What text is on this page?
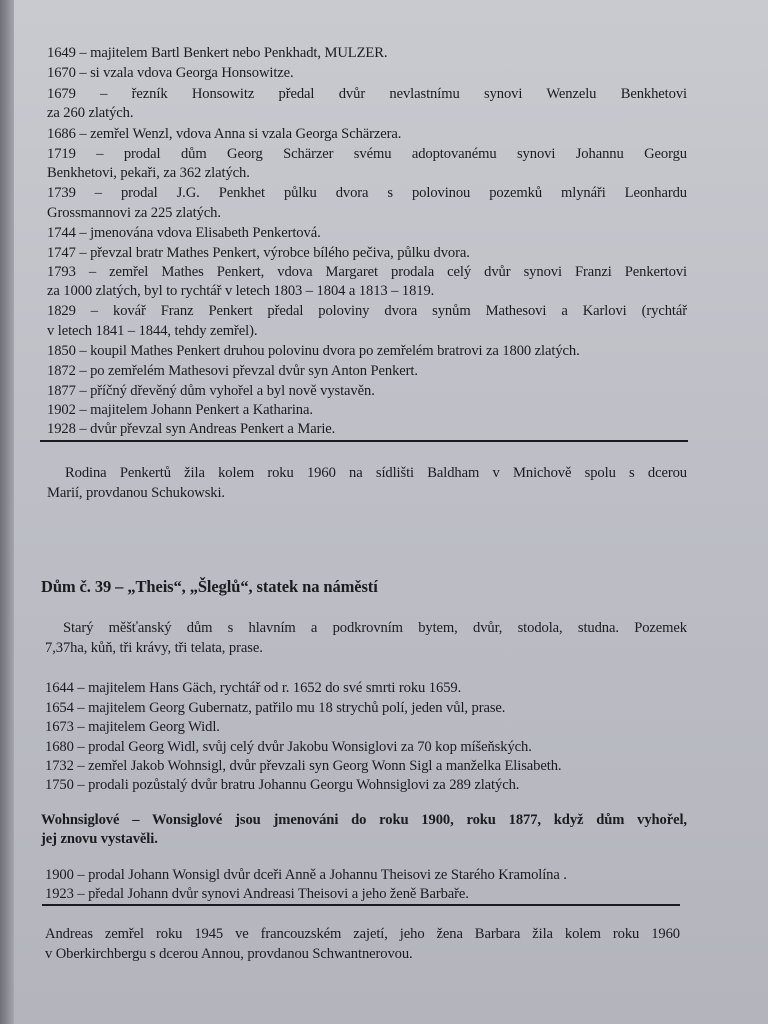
1649 – majitelem Bartl Benkert nebo Penkhadt, MULZER.
1670 – si vzala vdova Georga Honsowitze.
1679 – řezník Honsowitz předal dvůr nevlastnímu synovi Wenzelu Benkhetovi
za 260 zlatých.
1686 – zemřel Wenzl, vdova Anna si vzala Georga Schärzera.
1719 – prodal dům Georg Schärzer svému adoptovanému synovi Johannu Georgu
Benkhetovi, pekaři, za 362 zlatých.
1739 – prodal J.G. Penkhet půlku dvora s polovinou pozemků mlynáři Leonhardu
Grossmannovi za 225 zlatých.
1744 – jmenována vdova Elisabeth Penkertová.
1747 – převzal bratr Mathes Penkert, výrobce bílého pečiva, půlku dvora.
1793 – zemřel Mathes Penkert, vdova Margaret prodala celý dvůr synovi Franzi Penkertovi
za 1000 zlatých, byl to rychtář v letech 1803 – 1804 a 1813 – 1819.
1829 – kovář Franz Penkert předal poloviny dvora synům Mathesovi a Karlovi (rychtář
v letech 1841 – 1844, tehdy zemřel).
1850 – koupil Mathes Penkert druhou polovinu dvora po zemřelém bratrovi za 1800 zlatých.
1872 – po zemřelém Mathesovi převzal dvůr syn Anton Penkert.
1877 – příčný dřevěný dům vyhořel a byl nově vystavěn.
1902 – majitelem Johann Penkert a Katharina.
1928 – dvůr převzal syn Andreas Penkert a Marie.
Rodina Penkertů žila kolem roku 1960 na sídlišti Baldham v Mnichově spolu s dcerou
Marií, provdanou Schukowski.
Dům č. 39 – „Theis“, „Šleglů“, statek na náměstí
Starý měšťanský dům s hlavním a podkrovním bytem, dvůr, stodola, studna. Pozemek
7,37ha, kůň, tři krávy, tři telata, prase.
1644 – majitelem Hans Gäch, rychtář od r. 1652 do své smrti roku 1659.
1654 – majitelem Georg Gubernatz, patřilo mu 18 strychů polí, jeden vůl, prase.
1673 – majitelem Georg Widl.
1680 – prodal Georg Widl, svůj celý dvůr Jakobu Wonsiglovi za 70 kop míšeňských.
1732 – zemřel Jakob Wohnsigl, dvůr převzali syn Georg Wonn Sigl a manželka Elisabeth.
1750 – prodali pozůstalý dvůr bratru Johannu Georgu Wohnsiglovi za 289 zlatých.
Wohnsiglové – Wonsiglové jsou jmenováni do roku 1900, roku 1877, když dům vyhořel,
jej znovu vystavěli.
1900 – prodal Johann Wonsigl dvůr dceři Anně a Johannu Theisovi ze Starého Kramolína .
1923 – předal Johann dvůr synovi Andreasi Theisovi a jeho ženě Barbaře.
Andreas zemřel roku 1945 ve francouzském zajetí, jeho žena Barbara žila kolem roku 1960
v Oberkirchbergu s dcerou Annou, provdanou Schwantnerovou.
